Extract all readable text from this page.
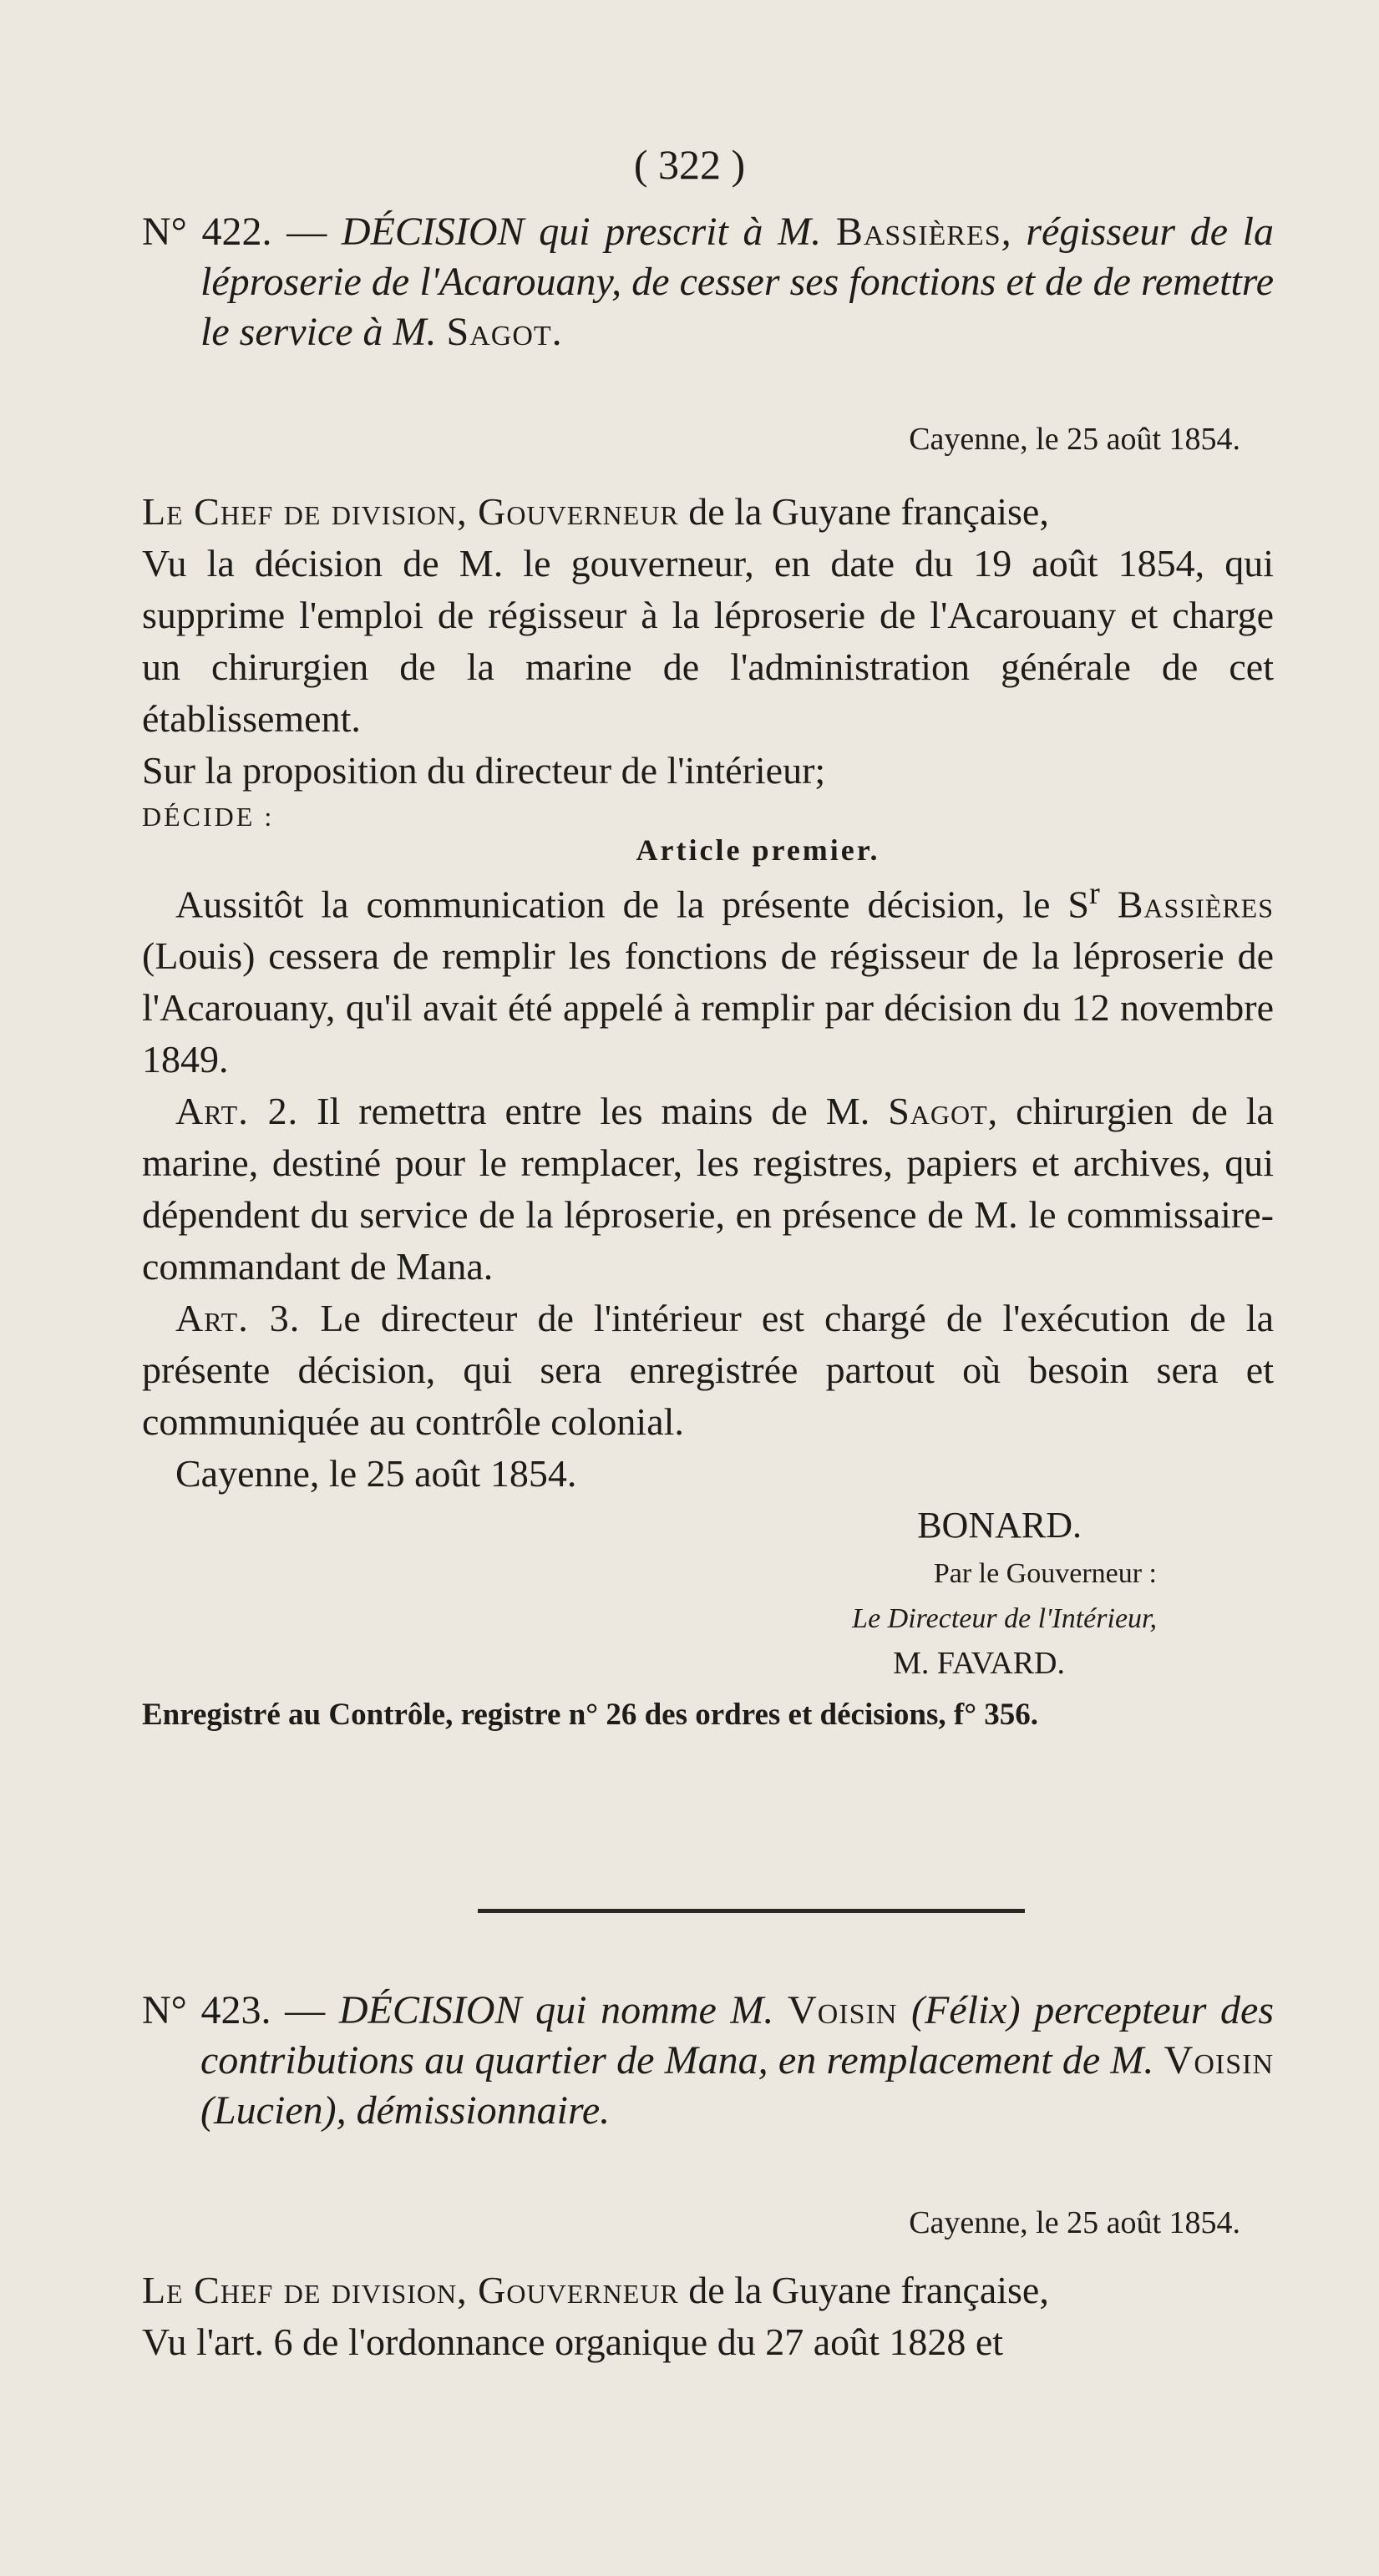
( 322 )

N° 422. — DÉCISION qui prescrit à M. Bassières, régisseur de la léproserie de l'Acarouany, de cesser ses fonctions et de de remettre le service à M. Sagot.

Cayenne, le 25 août 1854.

Le Chef de division, Gouverneur de la Guyane française,

Vu la décision de M. le gouverneur, en date du 19 août 1854, qui supprime l'emploi de régisseur à la léproserie de l'Acarouany et charge un chirurgien de la marine de l'administration générale de cet établissement.

Sur la proposition du directeur de l'intérieur;

DÉCIDE :

Article premier.

Aussitôt la communication de la présente décision, le $S^r$ Bassières (Louis) cessera de remplir les fonctions de régisseur de la léproserie de l'Acarouany, qu'il avait été appelé à remplir par décision du 12 novembre 1849.

Art. 2. Il remettra entre les mains de M. Sagot, chirurgien de la marine, destiné pour le remplacer, les registres, papiers et archives, qui dépendent du service de la léproserie, en présence de M. le commissaire-commandant de Mana.

Art. 3. Le directeur de l'intérieur est chargé de l'exécution de la présente décision, qui sera enregistrée partout où besoin sera et communiquée au contrôle colonial.

Cayenne, le 25 août 1854.

BONARD.

Par le Gouverneur :

Le Directeur de l'Intérieur,

M. FAVARD.

Enregistré au Contrôle, registre n° 26 des ordres et décisions, f° 356.

N° 423. — DÉCISION qui nomme M. Voisin (Félix) percepteur des contributions au quartier de Mana, en remplacement de M. Voisin (Lucien), démissionnaire.

Cayenne, le 25 août 1854.

Le Chef de division, Gouverneur de la Guyane française,

Vu l'art. 6 de l'ordonnance organique du 27 août 1828 et
